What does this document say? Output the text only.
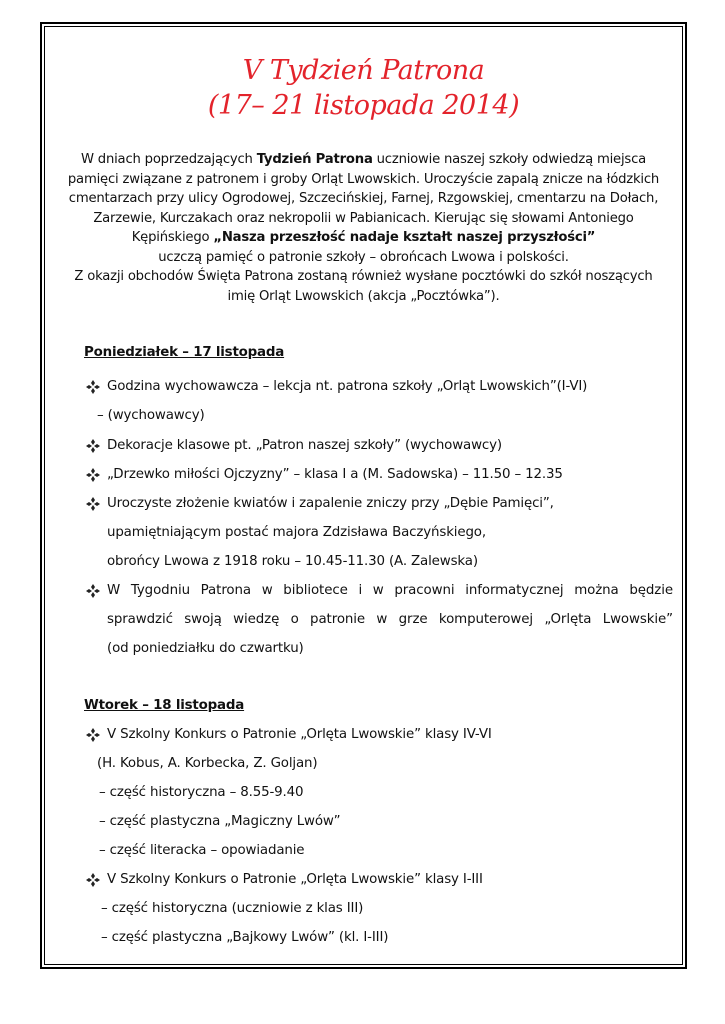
V Tydzień Patrona
(17– 21 listopada 2014)
W dniach poprzedzających Tydzień Patrona uczniowie naszej szkoły odwiedzą miejsca
pamięci związane z patronem i groby Orląt Lwowskich. Uroczyście zapalą znicze na łódzkich
cmentarzach przy ulicy Ogrodowej, Szczecińskiej, Farnej, Rzgowskiej, cmentarzu na Dołach,
Zarzewie, Kurczakach oraz nekropolii w Pabianicach. Kierując się słowami Antoniego
Kępińskiego „Nasza przeszłość nadaje kształt naszej przyszłości”
uczczą pamięć o patronie szkoły – obrońcach Lwowa i polskości.
Z okazji obchodów Święta Patrona zostaną również wysłane pocztówki do szkół noszących
imię Orląt Lwowskich (akcja „Pocztówka”).
Poniedziałek – 17 listopada
Godzina wychowawcza – lekcja nt. patrona szkoły „Orląt Lwowskich”(I-VI)
– (wychowawcy)
Dekoracje klasowe pt. „Patron naszej szkoły” (wychowawcy)
„Drzewko miłości Ojczyzny” – klasa I a (M. Sadowska) – 11.50 – 12.35
Uroczyste złożenie kwiatów i zapalenie zniczy przy „Dębie Pamięci”,
upamiętniającym postać majora Zdzisława Baczyńskiego,
obrońcy Lwowa z 1918 roku – 10.45-11.30 (A. Zalewska)
W Tygodniu Patrona w bibliotece i w pracowni informatycznej można będzie
sprawdzić swoją wiedzę o patronie w grze komputerowej „Orlęta Lwowskie”
(od poniedziałku do czwartku)
Wtorek – 18 listopada
V Szkolny Konkurs o Patronie „Orlęta Lwowskie” klasy IV-VI
(H. Kobus, A. Korbecka, Z. Goljan)
– część historyczna – 8.55-9.40
– część plastyczna „Magiczny Lwów”
– część literacka – opowiadanie
V Szkolny Konkurs o Patronie „Orlęta Lwowskie” klasy I-III
– część historyczna (uczniowie z klas III)
– część plastyczna „Bajkowy Lwów” (kl. I-III)
